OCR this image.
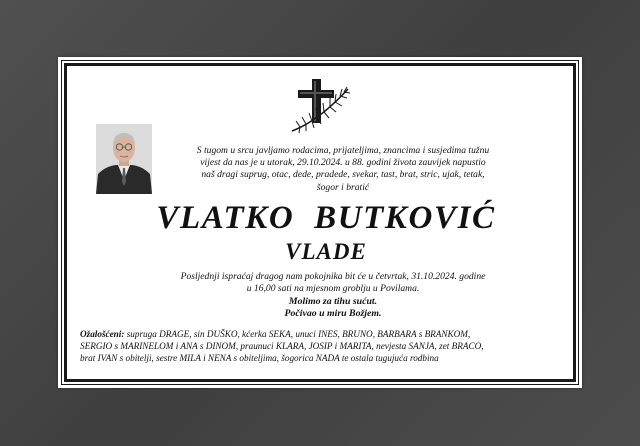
S tugom u srcu javljamo rodacima, prijateljima, znancima i susjedima tužnu
vijest da nas je u utorak, 29.10.2024. u 88. godini života zauvijek napustio
naš dragi suprug, otac, dede, pradede, svekar, tast, brat, stric, ujak, tetak,
šogor i bratić
VLATKO BUTKOVIĆ
VLADE
Posljednji ispraćaj dragog nam pokojnika bit će u četvrtak, 31.10.2024. godine
u 16,00 sati na mjesnom groblju u Povilama.
Molimo za tihu sućut.
Počivao u miru Božjem.
Ožalošćeni: supruga DRAGE, sin DUŠKO, kćerka SEKA, unuci INES, BRUNO, BARBARA s BRANKOM,
SERGIO s MARINELOM i ANA s DINOM, praunuci KLARA, JOSIP i MARITA, nevjesta SANJA, zet BRACO,
brat IVAN s obitelji, sestre MILA i NENA s obiteljima, šogorica NADA te ostala tugujuća rodbina
